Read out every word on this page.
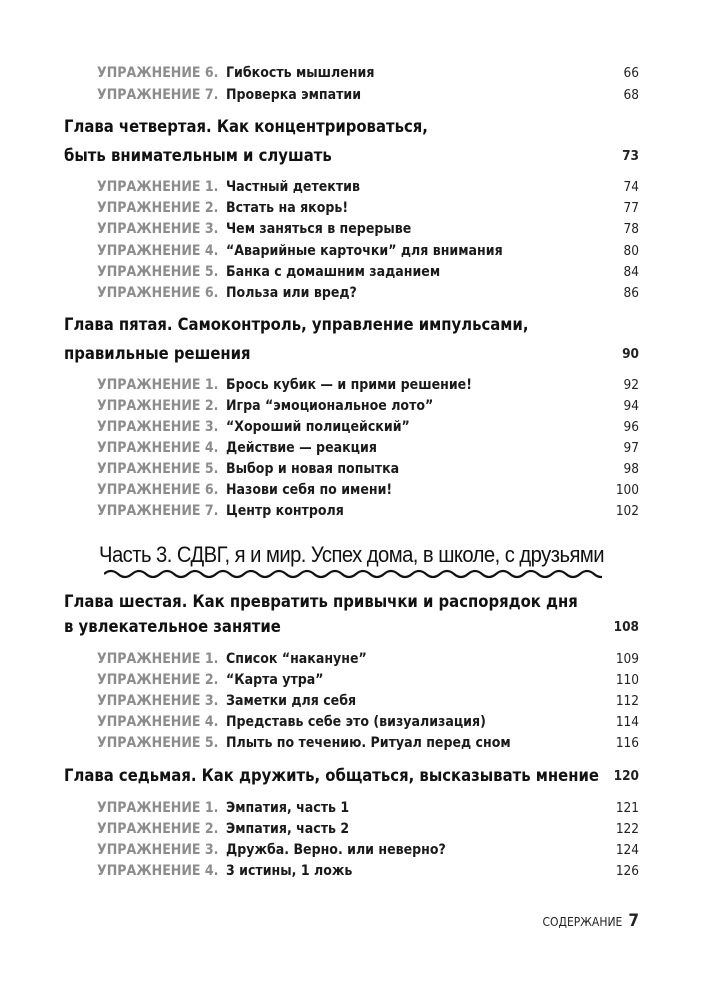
УПРАЖНЕНИЕ 6. Гибкость мышления	66
УПРАЖНЕНИЕ 7. Проверка эмпатии	68
Глава четвертая. Как концентрироваться,
быть внимательным и слушать	73
УПРАЖНЕНИЕ 1. Частный детектив	74
УПРАЖНЕНИЕ 2. Встать на якорь!	77
УПРАЖНЕНИЕ 3. Чем заняться в перерыве	78
УПРАЖНЕНИЕ 4. “Аварийные карточки” для внимания	80
УПРАЖНЕНИЕ 5. Банка с домашним заданием	84
УПРАЖНЕНИЕ 6. Польза или вред?	86
Глава пятая. Самоконтроль, управление импульсами,
правильные решения	90
УПРАЖНЕНИЕ 1. Брось кубик — и прими решение!	92
УПРАЖНЕНИЕ 2. Игра “эмоциональное лото”	94
УПРАЖНЕНИЕ 3. “Хороший полицейский”	96
УПРАЖНЕНИЕ 4. Действие — реакция	97
УПРАЖНЕНИЕ 5. Выбор и новая попытка	98
УПРАЖНЕНИЕ 6. Назови себя по имени!	100
УПРАЖНЕНИЕ 7. Центр контроля	102
Глава шестая. Как превратить привычки и распорядок дня
в увлекательное занятие	108
УПРАЖНЕНИЕ 1. Список “накануне”	109
УПРАЖНЕНИЕ 2. “Карта утра”	110
УПРАЖНЕНИЕ 3. Заметки для себя	112
УПРАЖНЕНИЕ 4. Представь себе это (визуализация)	114
УПРАЖНЕНИЕ 5. Плыть по течению. Ритуал перед сном	116
Глава седьмая. Как дружить, общаться, высказывать мнение 120
УПРАЖНЕНИЕ 1. Эмпатия, часть 1	121
УПРАЖНЕНИЕ 2. Эмпатия, часть 2	122
УПРАЖНЕНИЕ 3. Дружба. Верно. или неверно?	124
УПРАЖНЕНИЕ 4. 3 истины, 1 ложь	126
Часть 3. СДВГ, я и мир. Успех дома, в школе, с друзьями
СОДЕРЖАНИЕ 7
